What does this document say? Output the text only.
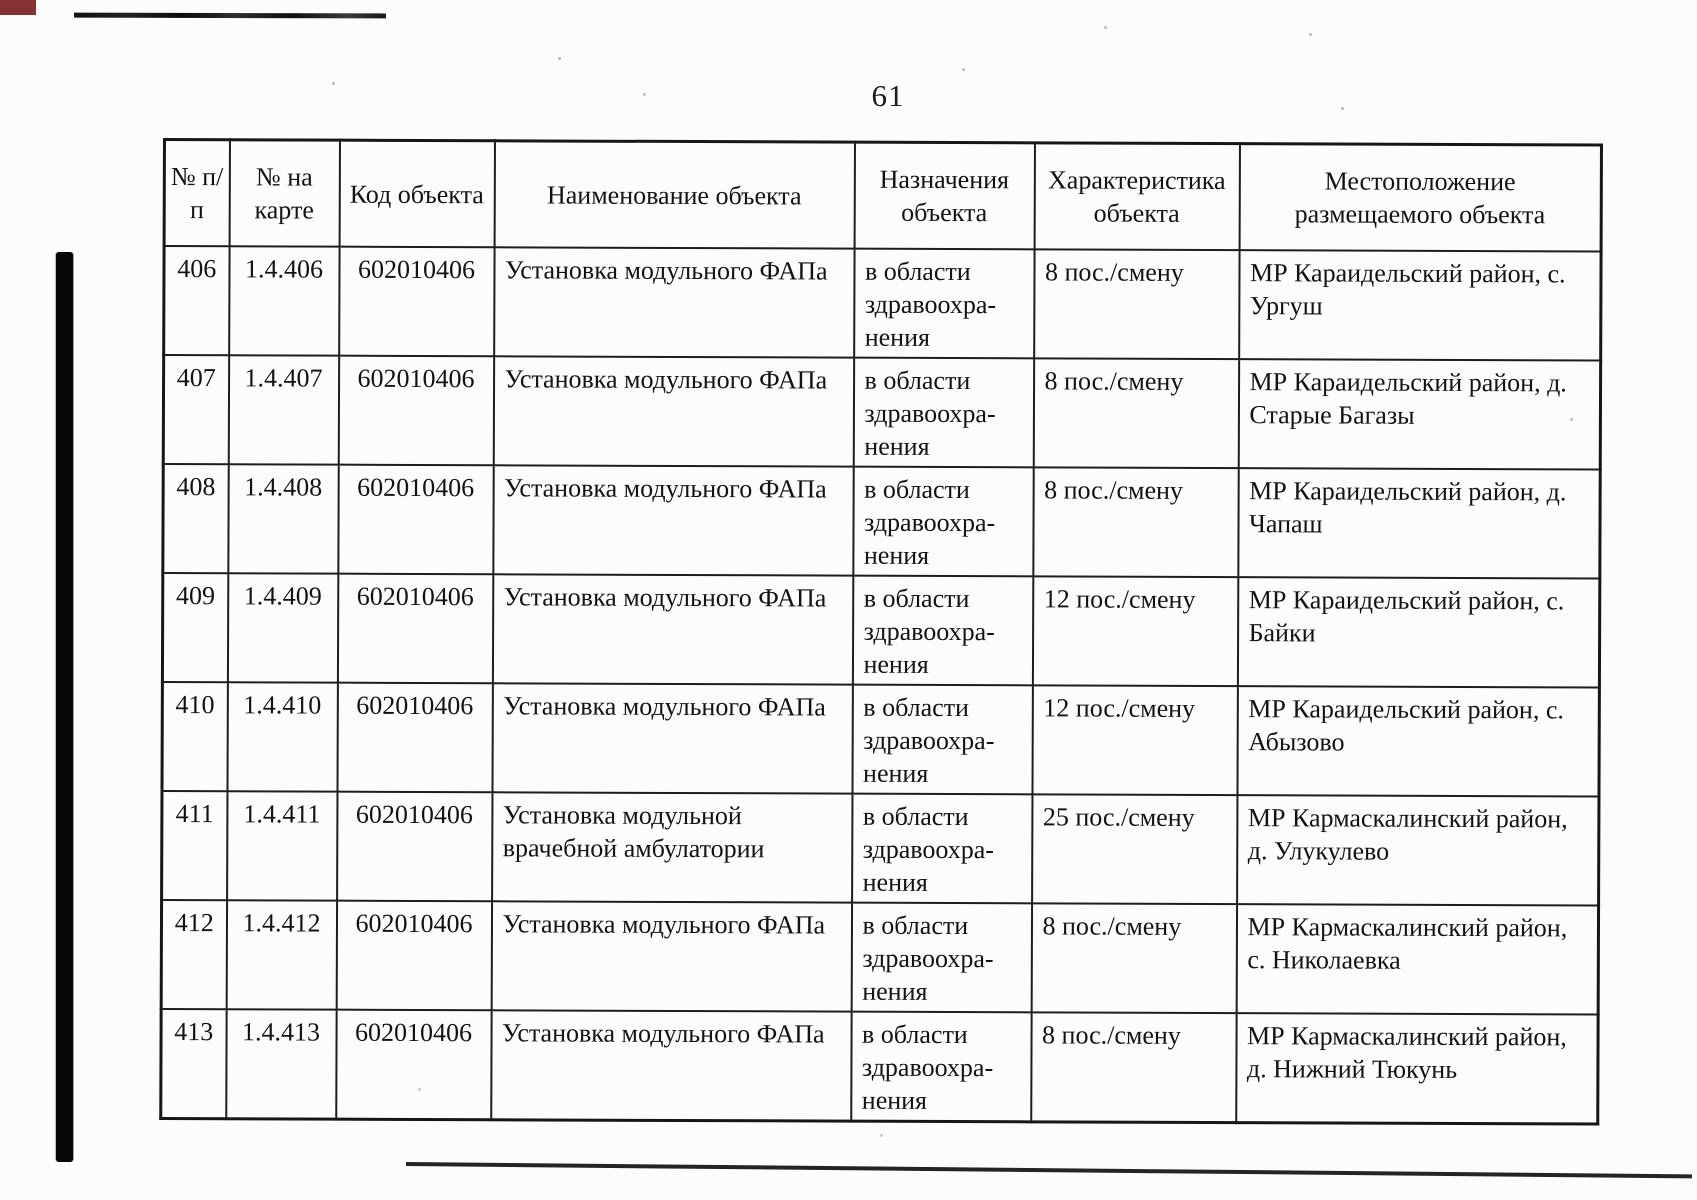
61
№ п/п	№ на карте	Код объекта	Наименование объекта	Назначения объекта	Характеристика объекта	Местоположение размещаемого объекта
406	1.4.406	602010406	Установка модульного ФАПа	в области здравоохра-нения	8 пос./смену	МР Караидельский район, с. Ургуш
407	1.4.407	602010406	Установка модульного ФАПа	в области здравоохра-нения	8 пос./смену	МР Караидельский район, д. Старые Багазы
408	1.4.408	602010406	Установка модульного ФАПа	в области здравоохра-нения	8 пос./смену	МР Караидельский район, д. Чапаш
409	1.4.409	602010406	Установка модульного ФАПа	в области здравоохра-нения	12 пос./смену	МР Караидельский район, с. Байки
410	1.4.410	602010406	Установка модульного ФАПа	в области здравоохра-нения	12 пос./смену	МР Караидельский район, с. Абызово
411	1.4.411	602010406	Установка модульной врачебной амбулатории	в области здравоохра-нения	25 пос./смену	МР Кармаскалинский район, д. Улукулево
412	1.4.412	602010406	Установка модульного ФАПа	в области здравоохра-нения	8 пос./смену	МР Кармаскалинский район, с. Николаевка
413	1.4.413	602010406	Установка модульного ФАПа	в области здравоохра-нения	8 пос./смену	МР Кармаскалинский район, д. Нижний Тюкунь
